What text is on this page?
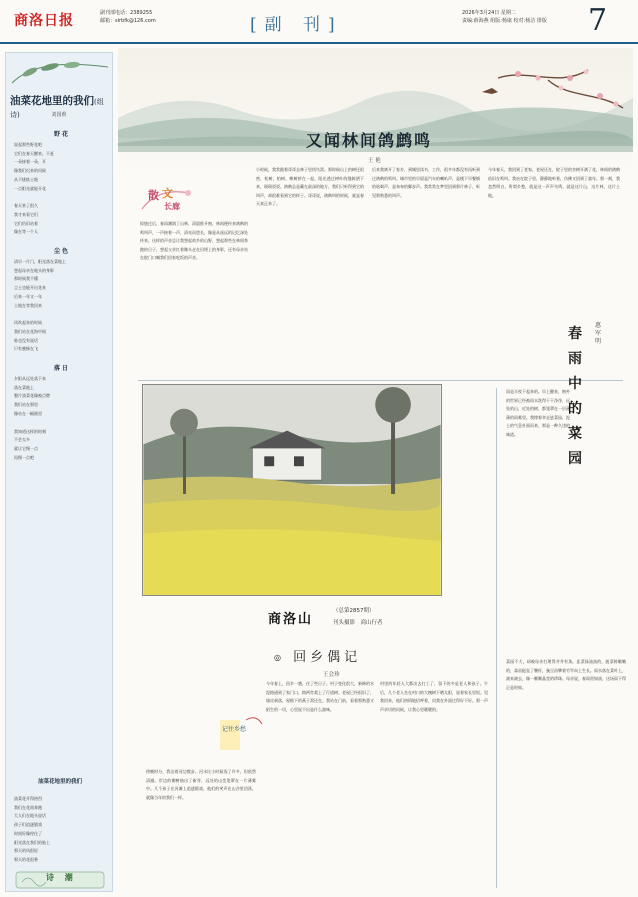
商洛日报	副刊部电话：2389255
邮箱：slrbfk@126.com	[副 刊]
2026年3月24日 星期二
责编:薛海燕 组版:杨康 校对:杨洁 排版 7
油菜花地里的我们(组诗)	刘国莉
野 花
说起那些野花吧
它们在春天醒来，不赶
一朵接着一朵，开
像我们迟来的问候
从不挑拣土地
一点阳光就能开花
春天来了很久
我才来看它们
它们仍旧站着
像在等一个人
尘 色
清早一片门，阳光落在菜地上
想起母亲在地头的身影
那时候我不懂
尘土也能开出花来
后来一年又一年
土地在等我回来
风吹起来的时候
我们站在花海中间
谁也没有说话
只有蜜蜂在飞
落 日
夕阳从远处落下来
落在菜地上
整片油菜花像被点燃
我们站在那里
像站在一幅画里
我知道这样的时刻
不会太多
就让它慢一点
再慢一点吧
油菜花地里的我们
油菜花开得热烈
我们在花间奔跑
大人们在地头说话
孩子们追逐嬉戏
时间好像停住了
阳光落在我们的脸上
那天的风很轻
那天的花很香
诗 潮
又闻林间鸽鹧鸣
王 艳
散 文
长廊
惊蛰过后，春雨潮润了山林，清晨推开窗，林间便传来鸽鹧的鸣叫声，一声接着一声，清亮而悠长，像是从遥远的记忆深处传来。这样的声音总让我想起故乡的山野，想起那些在林间奔跑的日子，想起父亲扛着锄头走在田埂上的身影，还有母亲站在院门口喊我们回家吃饭的声音。
小时候，我常跟着哥哥去林子里找鸟窝。那时候山上的树还很密，松树、柏树、橡树挤在一起，阳光透过树叶的缝隙洒下来，斑斑驳驳。鸽鹧总是藏在最深的地方，我们只听得到它的叫声，却很难看到它的样子。哥哥说，鸽鹧叫的时候，就是春天真正来了。
后来我离开了家乡，到城里读书、工作，很多年都没有再听到过鸽鹧的鸣叫。城市里的早晨是汽车的喇叭声，是楼下早餐铺的吆喝声，是匆匆的脚步声。我常常在梦里回到那片林子，听见那熟悉的叫声。
今年春天，我回到了老家。老屋还在，院子里的杏树开满了花，林间的鸽鹧依旧在鸣叫。我站在院子里，静静地听着，仿佛又回到了童年。那一刻，我忽然明白，所谓乡愁，就是这一声声鸟鸣，就是这片山，这片林，这片土地。
商洛山
（总第2857期）
刊头摄影　商山行者
◎ 回乡偶记
王会珍
记往乡愁
今年春上，回乡一趟，住了些日子。村子变化很大，新修的水泥路通到了家门口，路两旁栽上了行道树。老屋已经很旧了，墙皮剥落，屋檐下的燕子窝还在。我站在门前，看着那熟悉又陌生的一切，心里说不出是什么滋味。
村里的年轻人大都出去打工了，留下的多是老人和孩子。午后，几个老人坐在村口的大槐树下晒太阳，说着家长里短。见我回来，他们热情地招呼着，问我在外面过得好不好。那一声声亲切的问候，让我心里暖暖的。
傍晚时分，我沿着河边散步。河水比小时候浅了许多，但依然清澈。岸边的柳树抽出了新芽，远处的山峦笼罩在一片薄雾中。几个孩子在河滩上追逐嬉戏，他们的笑声在山谷里回荡，就像当年的我们一样。
雨是半夜下起来的。早上醒来，窗外的世界已经被雨水洗得干干净净，远处的山，近处的树，都笼罩在一层薄薄的雨雾里。我撑着伞走进菜园，泥土的气息扑面而来，那是一种久违的味道。
菜园不大，却被母亲打理得井井有条。韭菜绿油油的，菠菜鲜嫩嫩的，蒜苗挺直了腰杆，豌豆苗攀着竹竿向上生长。雨水落在菜叶上，滚来滚去，像一颗颗晶莹的珍珠。母亲说，春雨贵如油，这场雨下得正是时候。
春雨中的菜园
惠军明
